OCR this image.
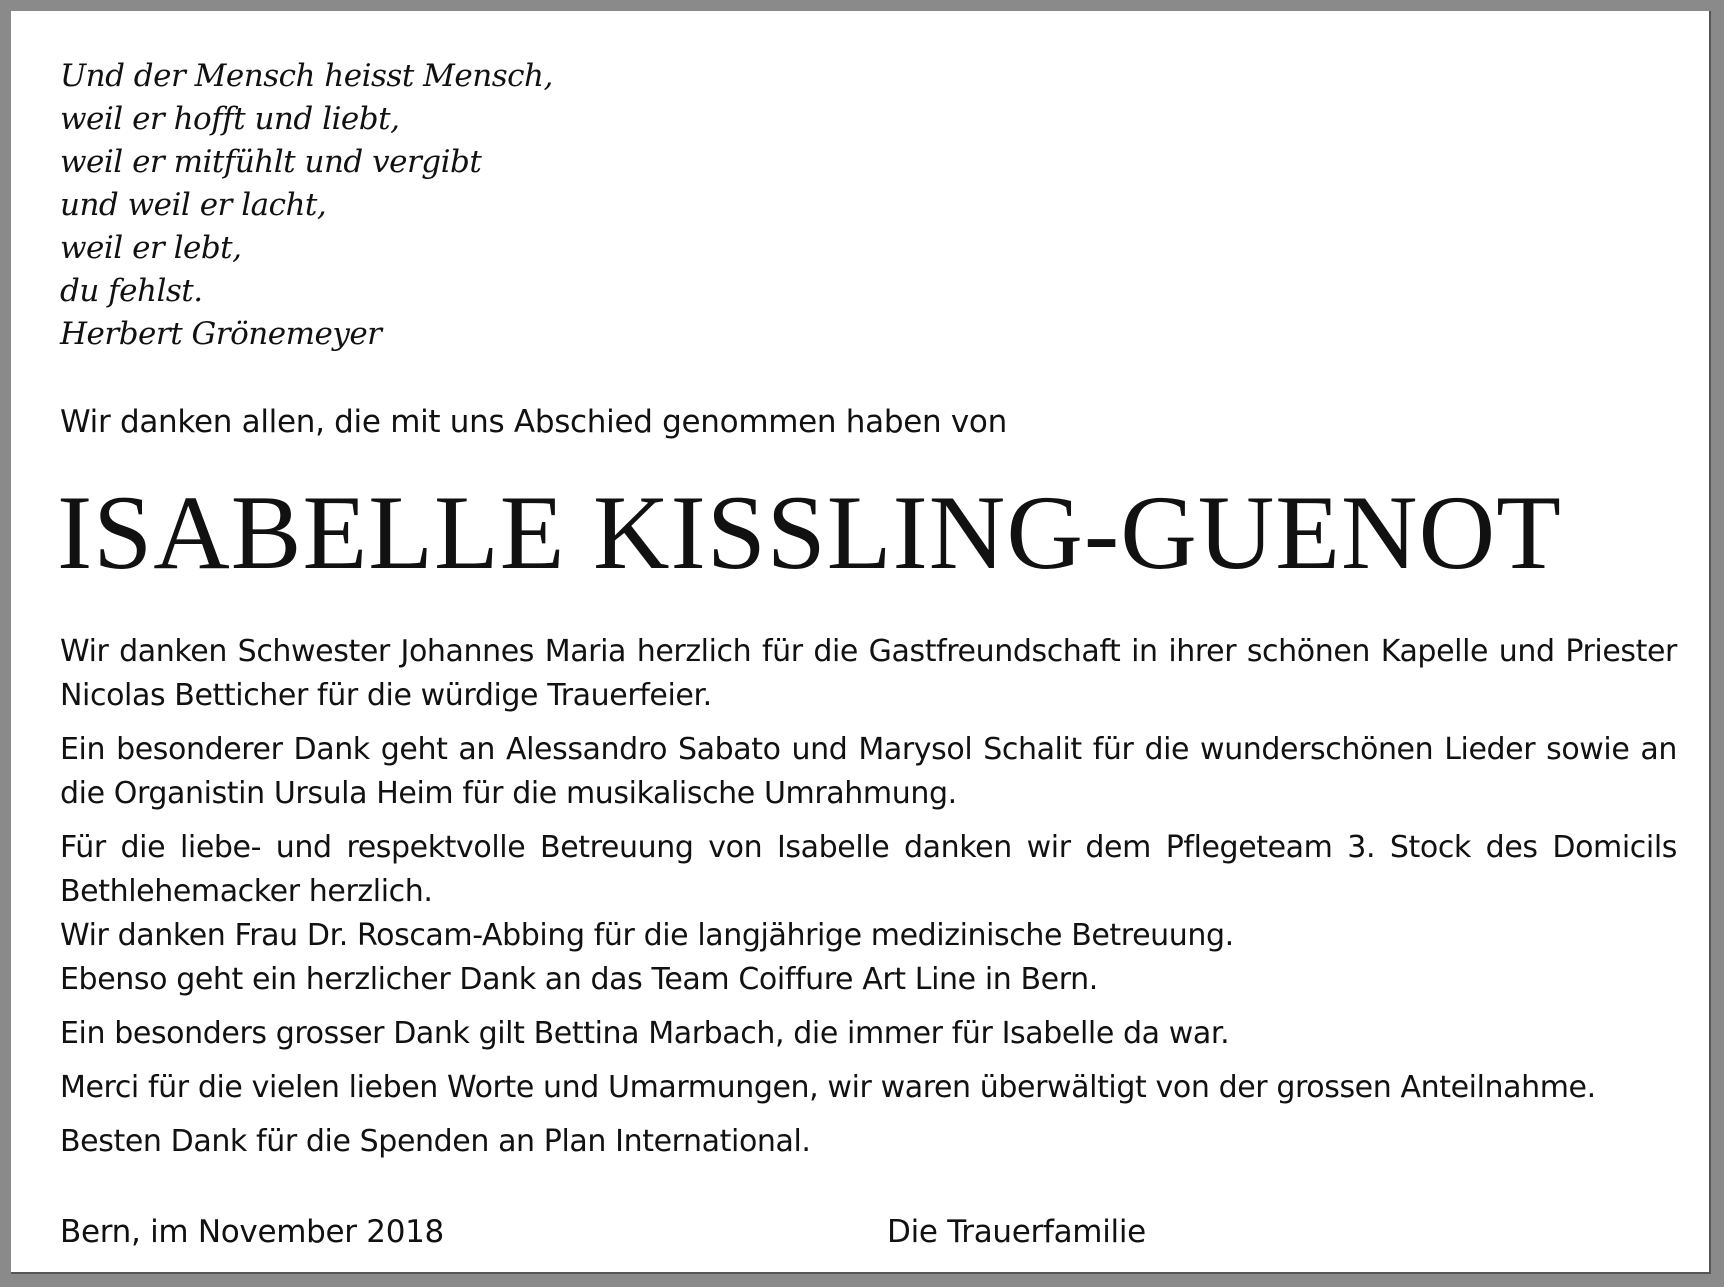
Und der Mensch heisst Mensch,
weil er hofft und liebt,
weil er mitfühlt und vergibt
und weil er lacht,
weil er lebt,
du fehlst.
Herbert Grönemeyer
Wir danken allen, die mit uns Abschied genommen haben von
ISABELLE KISSLING-GUENOT

Wir danken Schwester Johannes Maria herzlich für die Gastfreundschaft in ihrer schönen Kapelle und Priester Nicolas Betticher für die würdige Trauerfeier.

Ein besonderer Dank geht an Alessandro Sabato und Marysol Schalit für die wunderschönen Lieder sowie an die Organistin Ursula Heim für die musikalische Umrahmung.

Für die liebe- und respektvolle Betreuung von Isabelle danken wir dem Pflegeteam 3. Stock des Domicils Bethlehemacker herzlich.

Wir danken Frau Dr. Roscam-Abbing für die langjährige medizinische Betreuung.

Ebenso geht ein herzlicher Dank an das Team Coiffure Art Line in Bern.

Ein besonders grosser Dank gilt Bettina Marbach, die immer für Isabelle da war.

Merci für die vielen lieben Worte und Umarmungen, wir waren überwältigt von der grossen Anteilnahme.

Besten Dank für die Spenden an Plan International.

Bern, im November 2018	Die Trauerfamilie
